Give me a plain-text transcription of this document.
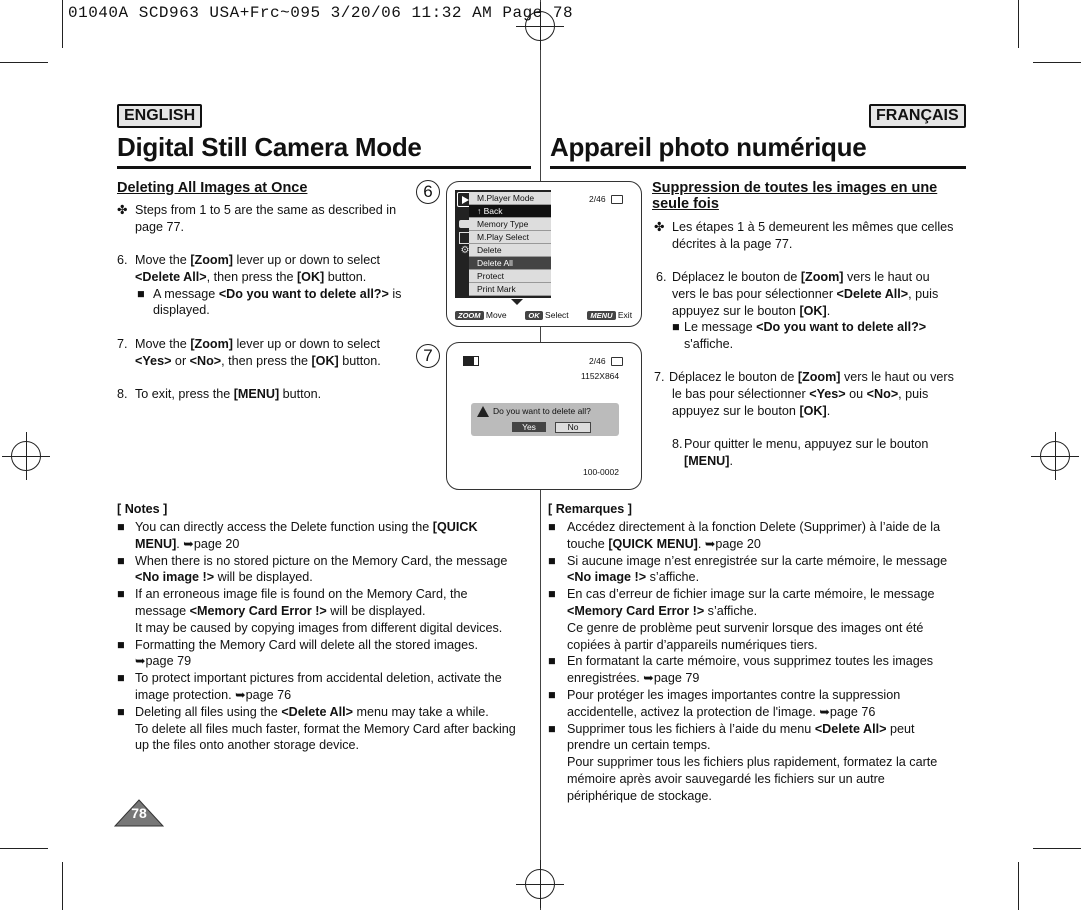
01040A SCD963 USA+Frc~095 3/20/06 11:32 AM Page 78
ENGLISH	FRANÇAIS
Digital Still Camera Mode	Appareil photo numérique
Deleting All Images at Once
✤ Steps from 1 to 5 are the same as described in
page 77.
6. Move the [Zoom] lever up or down to select
<Delete All>, then press the [OK] button.
■ A message <Do you want to delete all?> is
displayed.
7. Move the [Zoom] lever up or down to select
<Yes> or <No>, then press the [OK] button.
8. To exit, press the [MENU] button.
6
⚙
M.Player Mode
↑ Back
Memory Type
M.Play Select
Delete
Delete All
Protect
Print Mark
2/46
ZOOM Move	OK Select	MENU Exit
7	2/46
1152X864
Do you want to delete all?
Yes	No
100-0002
Suppression de toutes les images en une
seule fois
✤ Les étapes 1 à 5 demeurent les mêmes que celles
décrites à la page 77.
6. Déplacez le bouton de [Zoom] vers le haut ou
vers le bas pour sélectionner <Delete All>, puis
appuyez sur le bouton [OK].
■ Le message <Do you want to delete all?>
s'affiche.
7. Déplacez le bouton de [Zoom] vers le haut ou vers
le bas pour sélectionner <Yes> ou <No>, puis
appuyez sur le bouton [OK].
8. Pour quitter le menu, appuyez sur le bouton
[MENU].
[ Notes ]
■ You can directly access the Delete function using the [QUICK
MENU]. ➥page 20
■ When there is no stored picture on the Memory Card, the message
<No image !> will be displayed.
■ If an erroneous image file is found on the Memory Card, the
message <Memory Card Error !> will be displayed.
It may be caused by copying images from different digital devices.
■ Formatting the Memory Card will delete all the stored images.
➥page 79
■ To protect important pictures from accidental deletion, activate the
image protection. ➥page 76
■ Deleting all files using the <Delete All> menu may take a while.
To delete all files much faster, format the Memory Card after backing
up the files onto another storage device.
[ Remarques ]
■ Accédez directement à la fonction Delete (Supprimer) à l’aide de la
touche [QUICK MENU]. ➥page 20
■ Si aucune image n’est enregistrée sur la carte mémoire, le message
<No image !> s’affiche.
■ En cas d’erreur de fichier image sur la carte mémoire, le message
<Memory Card Error !> s’affiche.
Ce genre de problème peut survenir lorsque des images ont été
copiées à partir d’appareils numériques tiers.
■ En formatant la carte mémoire, vous supprimez toutes les images
enregistrées. ➥page 79
■ Pour protéger les images importantes contre la suppression
accidentelle, activez la protection de l'image. ➥page 76
■ Supprimer tous les fichiers à l’aide du menu <Delete All> peut
prendre un certain temps.
Pour supprimer tous les fichiers plus rapidement, formatez la carte
mémoire après avoir sauvegardé les fichiers sur un autre
périphérique de stockage.
78
